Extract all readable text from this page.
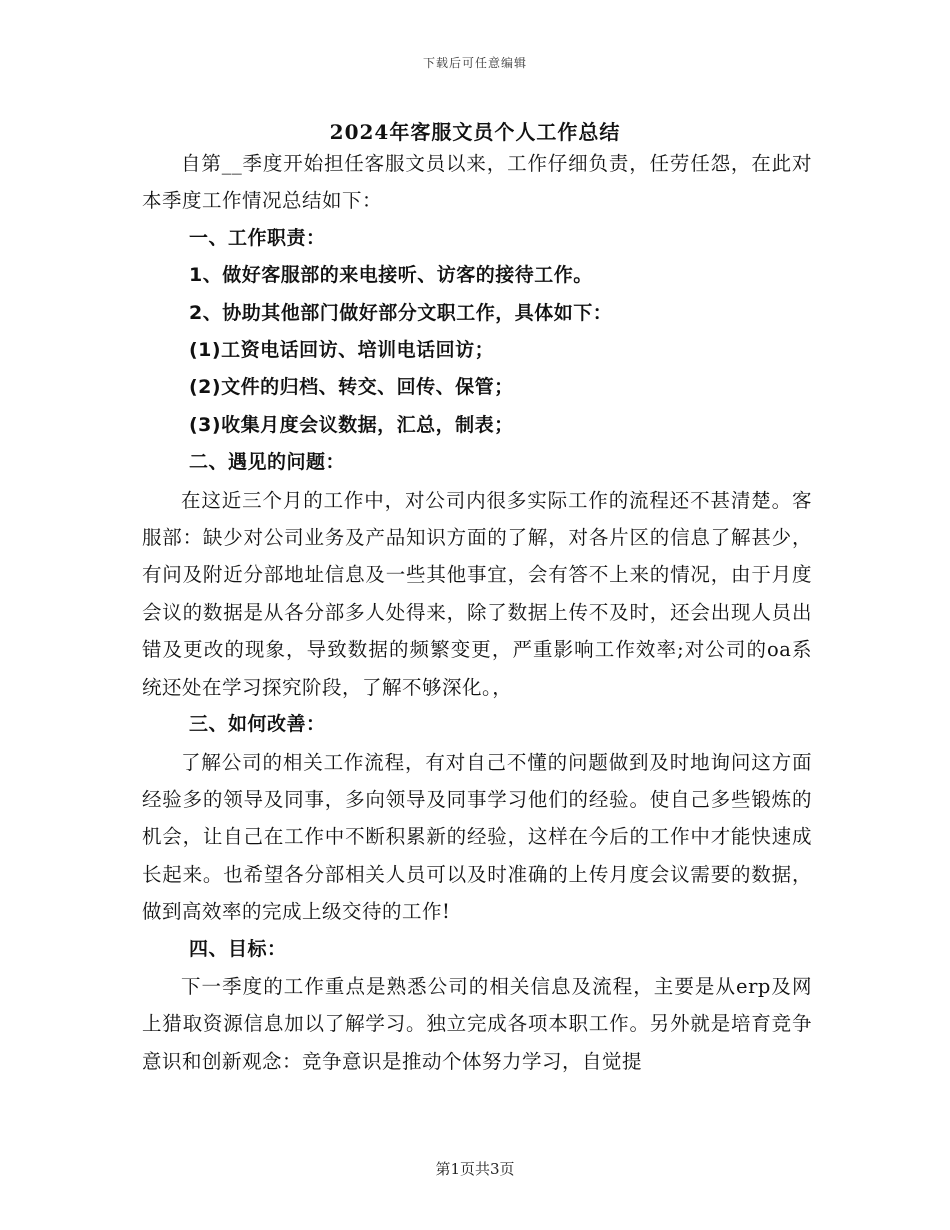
下载后可任意编辑
2024年客服文员个人工作总结

自第__季度开始担任客服文员以来，工作仔细负责，任劳任怨，在此对本季度工作情况总结如下：

一、工作职责：

1、做好客服部的来电接听、访客的接待工作。

2、协助其他部门做好部分文职工作，具体如下：

(1)工资电话回访、培训电话回访；

(2)文件的归档、转交、回传、保管；

(3)收集月度会议数据，汇总，制表；

二、遇见的问题：

在这近三个月的工作中，对公司内很多实际工作的流程还不甚清楚。客服部：缺少对公司业务及产品知识方面的了解，对各片区的信息了解甚少，有问及附近分部地址信息及一些其他事宜，会有答不上来的情况，由于月度会议的数据是从各分部多人处得来，除了数据上传不及时，还会出现人员出错及更改的现象，导致数据的频繁变更，严重影响工作效率;对公司的oa系统还处在学习探究阶段，了解不够深化。，

三、如何改善：

了解公司的相关工作流程，有对自己不懂的问题做到及时地询问这方面经验多的领导及同事，多向领导及同事学习他们的经验。使自己多些锻炼的机会，让自己在工作中不断积累新的经验，这样在今后的工作中才能快速成长起来。也希望各分部相关人员可以及时准确的上传月度会议需要的数据，做到高效率的完成上级交待的工作!

四、目标：

下一季度的工作重点是熟悉公司的相关信息及流程，主要是从erp及网上猎取资源信息加以了解学习。独立完成各项本职工作。另外就是培育竞争意识和创新观念：竞争意识是推动个体努力学习，自觉提

第1页共3页
